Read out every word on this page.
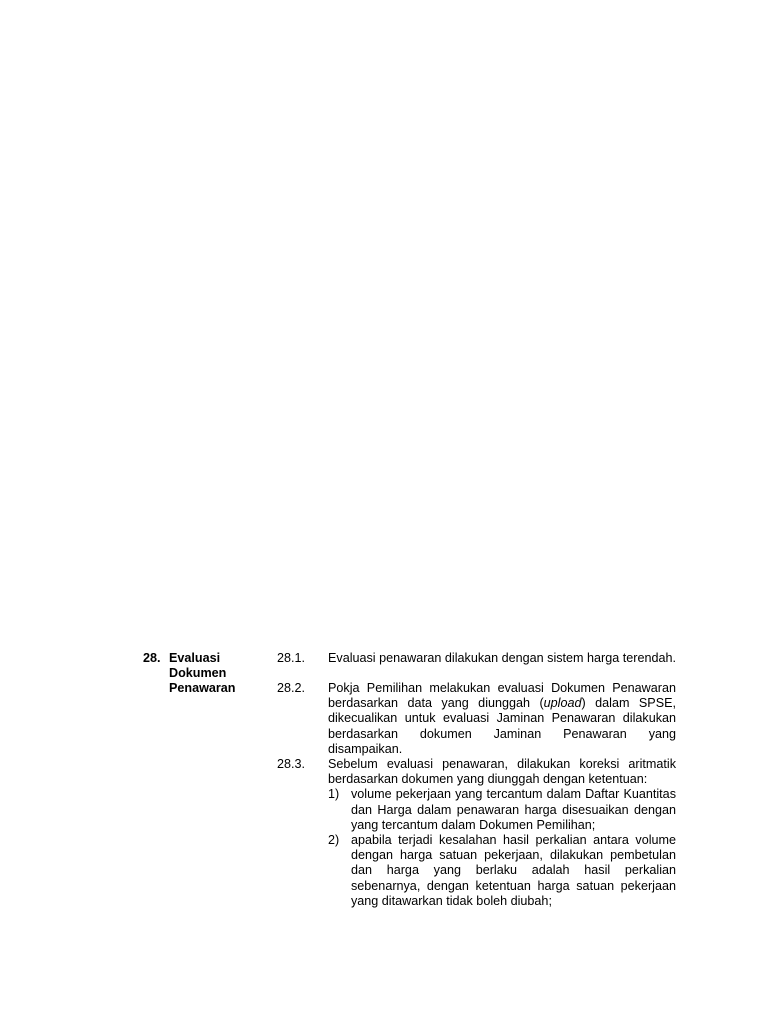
28. Evaluasi
Dokumen
Penawaran
28.1. Evaluasi penawaran dilakukan dengan sistem harga terendah.

28.2. Pokja Pemilihan melakukan evaluasi Dokumen Penawaran berdasarkan data yang diunggah (upload) dalam SPSE, dikecualikan untuk evaluasi Jaminan Penawaran dilakukan berdasarkan dokumen Jaminan Penawaran yang disampaikan.

28.3. Sebelum evaluasi penawaran, dilakukan koreksi aritmatik berdasarkan dokumen yang diunggah dengan ketentuan:

1) volume pekerjaan yang tercantum dalam Daftar Kuantitas dan Harga dalam penawaran harga disesuaikan dengan yang tercantum dalam Dokumen Pemilihan;
2) apabila terjadi kesalahan hasil perkalian antara volume dengan harga satuan pekerjaan, dilakukan pembetulan dan harga yang berlaku adalah hasil perkalian sebenarnya, dengan ketentuan harga satuan pekerjaan yang ditawarkan tidak boleh diubah;
